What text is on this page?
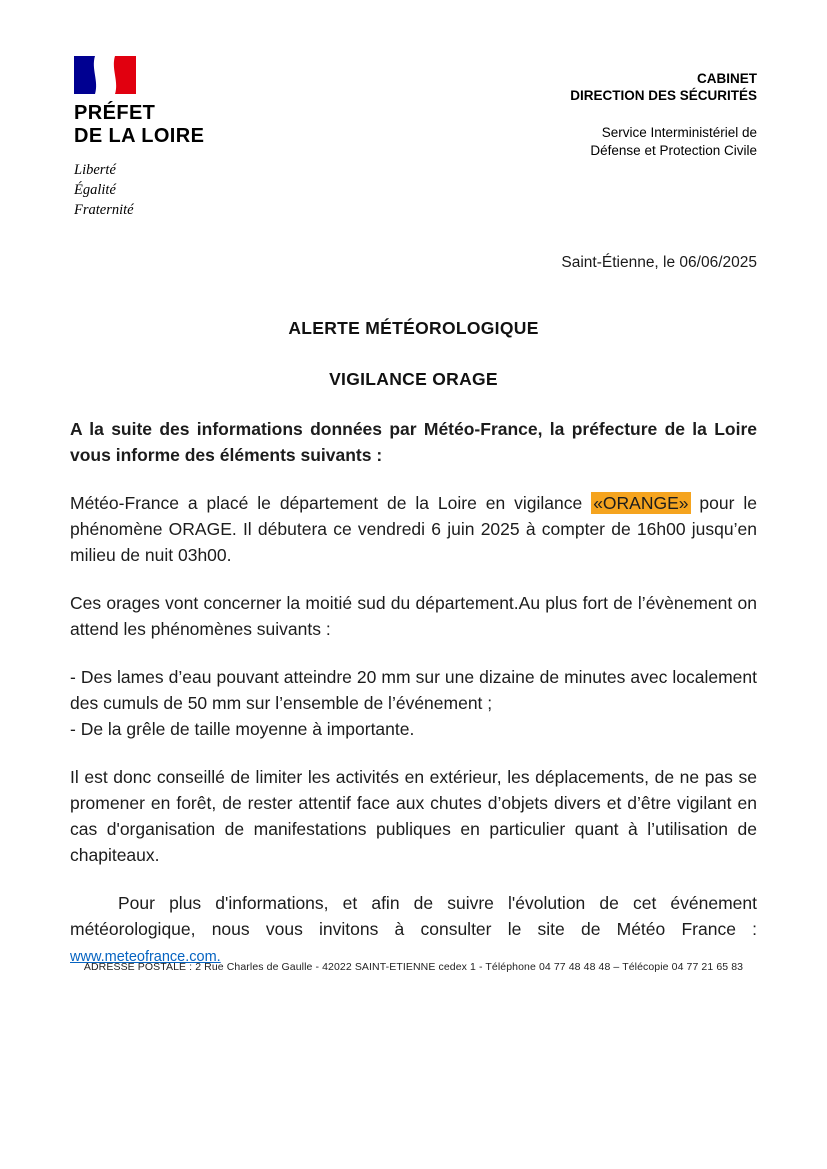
PRÉFET
DE LA LOIRE
Liberté
Égalité
Fraternité
CABINET
DIRECTION DES SÉCURITÉS
Service Interministériel de
Défense et Protection Civile
Saint-Étienne, le 06/06/2025
ALERTE MÉTÉOROLOGIQUE
VIGILANCE ORAGE

A la suite des informations données par Météo-France, la préfecture de la Loire vous informe des éléments suivants :

Météo-France a placé le département de la Loire en vigilance «ORANGE» pour le phénomène ORAGE. Il débutera ce vendredi 6 juin 2025 à compter de 16h00 jusqu’en milieu de nuit 03h00.

Ces orages vont concerner la moitié sud du département.Au plus fort de l’évènement on attend les phénomènes suivants :

- Des lames d’eau pouvant atteindre 20 mm sur une dizaine de minutes avec localement des cumuls de 50 mm sur l’ensemble de l’événement ;
- De la grêle de taille moyenne à importante.

Il est donc conseillé de limiter les activités en extérieur, les déplacements, de ne pas se promener en forêt, de rester attentif face aux chutes d’objets divers et d’être vigilant en cas d'organisation de manifestations publiques en particulier quant à l’utilisation de chapiteaux.

Pour plus d'informations, et afin de suivre l'évolution de cet événement météorologique, nous vous invitons à consulter le site de Météo France : www.meteofrance.com.

ADRESSE POSTALE : 2 Rue Charles de Gaulle - 42022 SAINT-ETIENNE cedex 1 - Téléphone 04 77 48 48 48 – Télécopie 04 77 21 65 83
